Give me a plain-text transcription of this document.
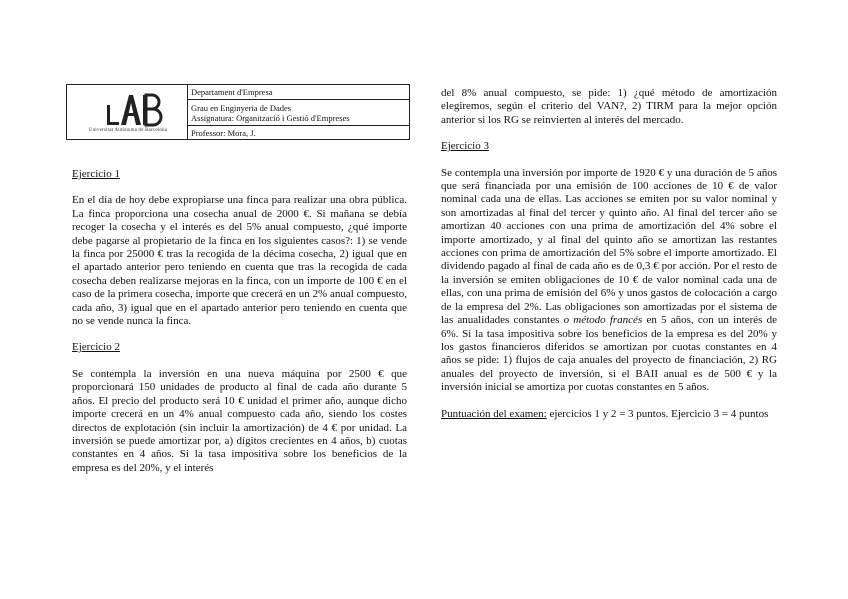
Universitat Autònoma de Barcelona
Departament d'Empresa
Grau en Enginyeria de Dades
Assignatura: Organització i Gestió d'Empreses
Professor: Mora, J.

Ejercicio 1

En el día de hoy debe expropiarse una finca para realizar una obra pública. La finca proporciona una cosecha anual de 2000 €. Si mañana se debía recoger la cosecha y el interés es del 5% anual compuesto, ¿qué importe debe pagarse al propietario de la finca en los siguientes casos?: 1) se vende la finca por 25000 € tras la recogida de la décima cosecha, 2) igual que en el apartado anterior pero teniendo en cuenta que tras la recogida de cada cosecha deben realizarse mejoras en la finca, con un importe de 100 € en el caso de la primera cosecha, importe que crecerá en un 2% anual compuesto, cada año, 3) igual que en el apartado anterior pero teniendo en cuenta que no se vende nunca la finca.

Ejercicio 2

Se contempla la inversión en una nueva máquina por 2500 € que proporcionará 150 unidades de producto al final de cada año durante 5 años. El precio del producto será 10 € unidad el primer año, aunque dicho importe crecerá en un 4% anual compuesto cada año, siendo los costes directos de explotación (sin incluir la amortización) de 4 € por unidad. La inversión se puede amortizar por, a) dígitos crecientes en 4 años, b) cuotas constantes en 4 años. Si la tasa impositiva sobre los beneficios de la empresa es del 20%, y el interés

del 8% anual compuesto, se pide: 1) ¿qué método de amortización elegiremos, según el criterio del VAN?, 2) TIRM para la mejor opción anterior si los RG se reinvierten al interés del mercado.

Ejercicio 3

Se contempla una inversión por importe de 1920 € y una duración de 5 años que será financiada por una emisión de 100 acciones de 10 € de valor nominal cada una de ellas. Las acciones se emiten por su valor nominal y son amortizadas al final del tercer y quinto año. Al final del tercer año se amortizan 40 acciones con una prima de amortización del 4% sobre el importe amortizado, y al final del quinto año se amortizan las restantes acciones con prima de amortización del 5% sobre el importe amortizado. El dividendo pagado al final de cada año es de 0,3 € por acción. Por el resto de la inversión se emiten obligaciones de 10 € de valor nominal cada una de ellas, con una prima de emisión del 6% y unos gastos de colocación a cargo de la empresa del 2%. Las obligaciones son amortizadas por el sistema de las anualidades constantes o método francés en 5 años, con un interés de 6%. Si la tasa impositiva sobre los beneficios de la empresa es del 20% y los gastos financieros diferidos se amortizan por cuotas constantes en 4 años se pide: 1) flujos de caja anuales del proyecto de financiación, 2) RG anuales del proyecto de inversión, si el BAII anual es de 500 € y la inversión inicial se amortiza por cuotas constantes en 5 años.

Puntuación del examen: ejercicios 1 y 2 = 3 puntos. Ejercicio 3 = 4 puntos
